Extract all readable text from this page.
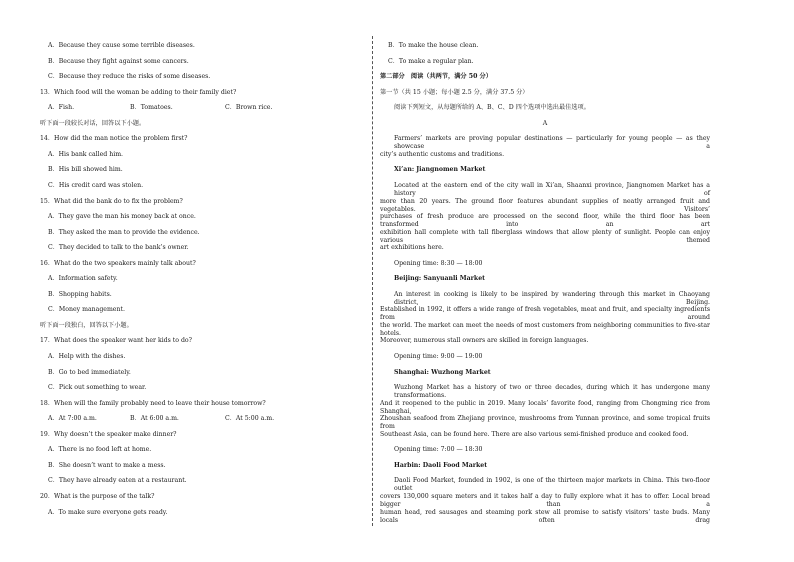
A．Because they cause some terrible diseases.
B．Because they fight against some cancers.
C．Because they reduce the risks of some diseases.
13．Which food will the woman be adding to their family diet?
A．Fish.	B．Tomatoes.	C．Brown rice.
听下面一段较长对话，回答以下小题。
14．How did the man notice the problem first?
A．His bank called him.
B．His bill showed him.
C．His credit card was stolen.
15．What did the bank do to fix the problem?
A．They gave the man his money back at once.
B．They asked the man to provide the evidence.
C．They decided to talk to the bank’s owner.
16．What do the two speakers mainly talk about?
A．Information safety.
B．Shopping habits.
C．Money management.
听下面一段独白，回答以下小题。
17．What does the speaker want her kids to do?
A．Help with the dishes.
B．Go to bed immediately.
C．Pick out something to wear.
18．When will the family probably need to leave their house tomorrow?
A．At 7:00 a.m.	B．At 6:00 a.m.	C．At 5:00 a.m.
19．Why doesn’t the speaker make dinner?
A．There is no food left at home.
B．She doesn’t want to make a mess.
C．They have already eaten at a restaurant.
20．What is the purpose of the talk?
A．To make sure everyone gets ready.
B．To make the house clean.
C．To make a regular plan.
第二部分　阅读（共两节，满分 50 分）
第一节（共 15 小题；每小题 2.5 分，满分 37.5 分）
阅读下列短文，从每题所给的 A、B、C、D 四个选项中选出最佳选项。
A
Farmers’ markets are proving popular destinations — particularly for young people — as they showcase a
city’s authentic customs and traditions.
Xi’an: Jiangnomen Market
Located at the eastern end of the city wall in Xi’an, Shaanxi province, Jiangnomen Market has a history of
more than 20 years. The ground floor features abundant supplies of neatly arranged fruit and vegetables. Visitors’
purchases of fresh produce are processed on the second floor, while the third floor has been transformed into an art
exhibition hall complete with tall fiberglass windows that allow plenty of sunlight. People can enjoy various themed
art exhibitions here.
Opening time: 8:30 — 18:00
Beijing: Sanyuanli Market
An interest in cooking is likely to be inspired by wandering through this market in Chaoyang district, Beijing.
Established in 1992, it offers a wide range of fresh vegetables, meat and fruit, and specialty ingredients from around
the world. The market can meet the needs of most customers from neighboring communities to five-star hotels.
Moreover, numerous stall owners are skilled in foreign languages.
Opening time: 9:00 — 19:00
Shanghai: Wuzhong Market
Wuzhong Market has a history of two or three decades, during which it has undergone many transformations.
And it reopened to the public in 2019. Many locals’ favorite food, ranging from Chongming rice from Shanghai,
Zhoushan seafood from Zhejiang province, mushrooms from Yunnan province, and some tropical fruits from
Southeast Asia, can be found here. There are also various semi-finished produce and cooked food.
Opening time: 7:00 — 18:30
Harbin: Daoli Food Market
Daoli Food Market, founded in 1902, is one of the thirteen major markets in China. This two-floor outlet
covers 130,000 square meters and it takes half a day to fully explore what it has to offer. Local bread bigger than a
human head, red sausages and steaming pork stew all promise to satisfy visitors’ taste buds. Many locals often drag
